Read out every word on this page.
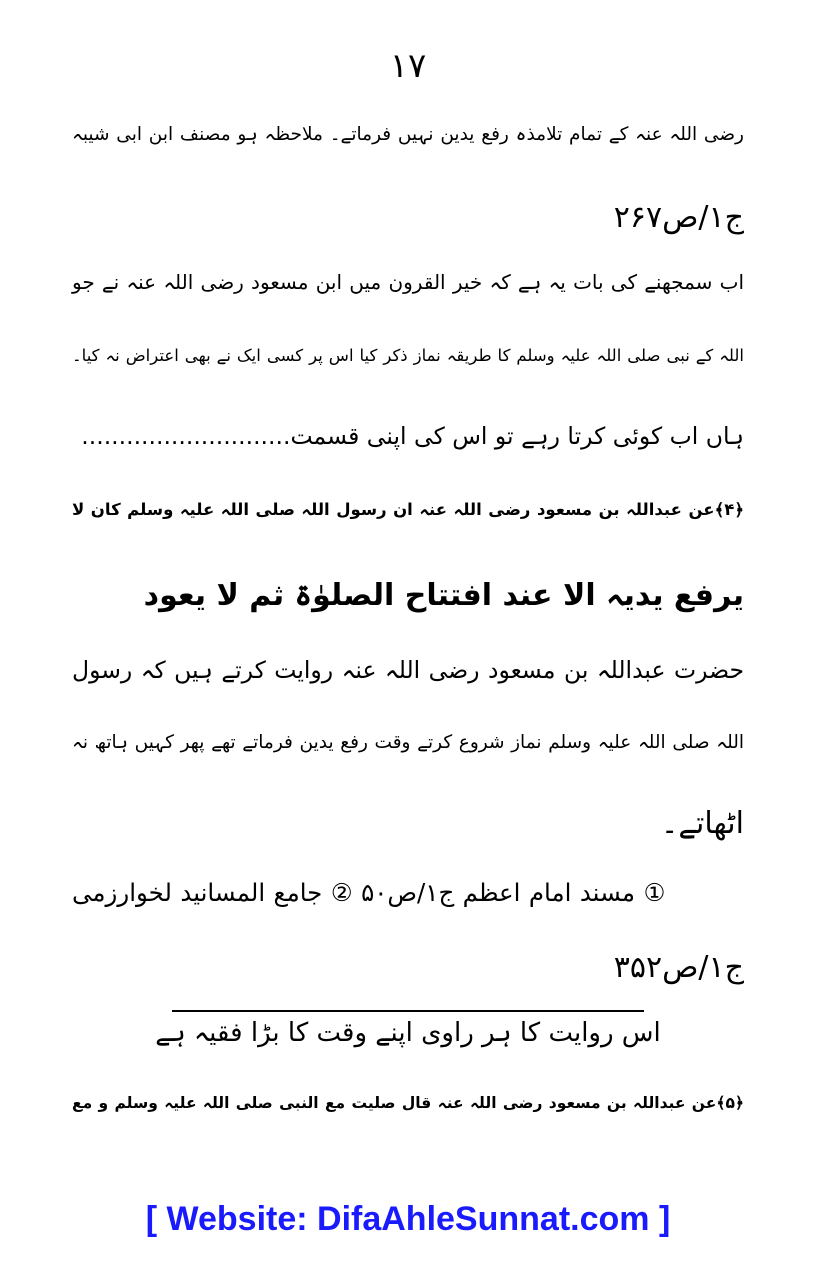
۱۷
رضی اللہ عنہ کے تمام تلامذہ رفع یدین نہیں فرماتے۔ ملاحظہ ہو مصنف ابن ابی شیبہ
ج۱/ص۲۶۷
اب سمجھنے کی بات یہ ہے کہ خیر القرون میں ابن مسعود رضی اللہ عنہ نے جو
اللہ کے نبی صلی اللہ علیہ وسلم کا طریقہ نماز ذکر کیا اس پر کسی ایک نے بھی اعتراض نہ کیا۔
ہاں اب کوئی کرتا رہے تو اس کی اپنی قسمت............................
﴿۴﴾عن عبداللہ بن مسعود رضی اللہ عنہ ان رسول اللہ صلی اللہ علیہ وسلم کان لا
یرفع یدیہ الا عند افتتاح الصلوٰۃ ثم لا یعود
حضرت عبداللہ بن مسعود رضی اللہ عنہ روایت کرتے ہیں کہ رسول
اللہ صلی اللہ علیہ وسلم نماز شروع کرتے وقت رفع یدین فرماتے تھے پھر کہیں ہاتھ نہ
اٹھاتے۔
① مسند امام اعظم ج۱/ص۵۰ ② جامع المسانید لخوارزمی
ج۱/ص۳۵۲
اس روایت کا ہر راوی اپنے وقت کا بڑا فقیہ ہے
﴿۵﴾عن عبداللہ بن مسعود رضی اللہ عنہ قال صلیت مع النبی صلی اللہ علیہ وسلم و مع
[ Website: DifaAhleSunnat.com ]
